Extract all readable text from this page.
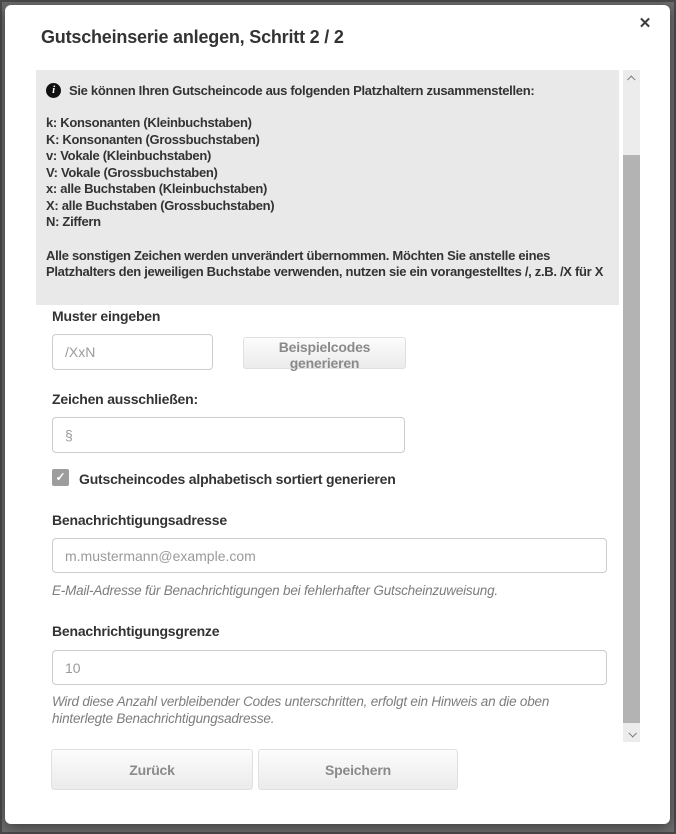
Gutscheinserie anlegen, Schritt 2 / 2
✕
i	Sie können Ihren Gutscheincode aus folgenden Platzhaltern zusammenstellen:
k: Konsonanten (Kleinbuchstaben)
K: Konsonanten (Grossbuchstaben)
v: Vokale (Kleinbuchstaben)
V: Vokale (Grossbuchstaben)
x: alle Buchstaben (Kleinbuchstaben)
X: alle Buchstaben (Grossbuchstaben)
N: Ziffern
Alle sonstigen Zeichen werden unverändert übernommen. Möchten Sie anstelle eines Platzhalters den jeweiligen Buchstabe verwenden, nutzen sie ein vorangestelltes /, z.B. /X für X
Muster eingeben
/XxN
Beispielcodes generieren
Zeichen ausschließen:
§
✓ Gutscheincodes alphabetisch sortiert generieren
Benachrichtigungsadresse
m.mustermann@example.com
E-Mail-Adresse für Benachrichtigungen bei fehlerhafter Gutscheinzuweisung.
Benachrichtigungsgrenze
10
Wird diese Anzahl verbleibender Codes unterschritten, erfolgt ein Hinweis an die oben hinterlegte Benachrichtigungsadresse.
Zurück	Speichern
